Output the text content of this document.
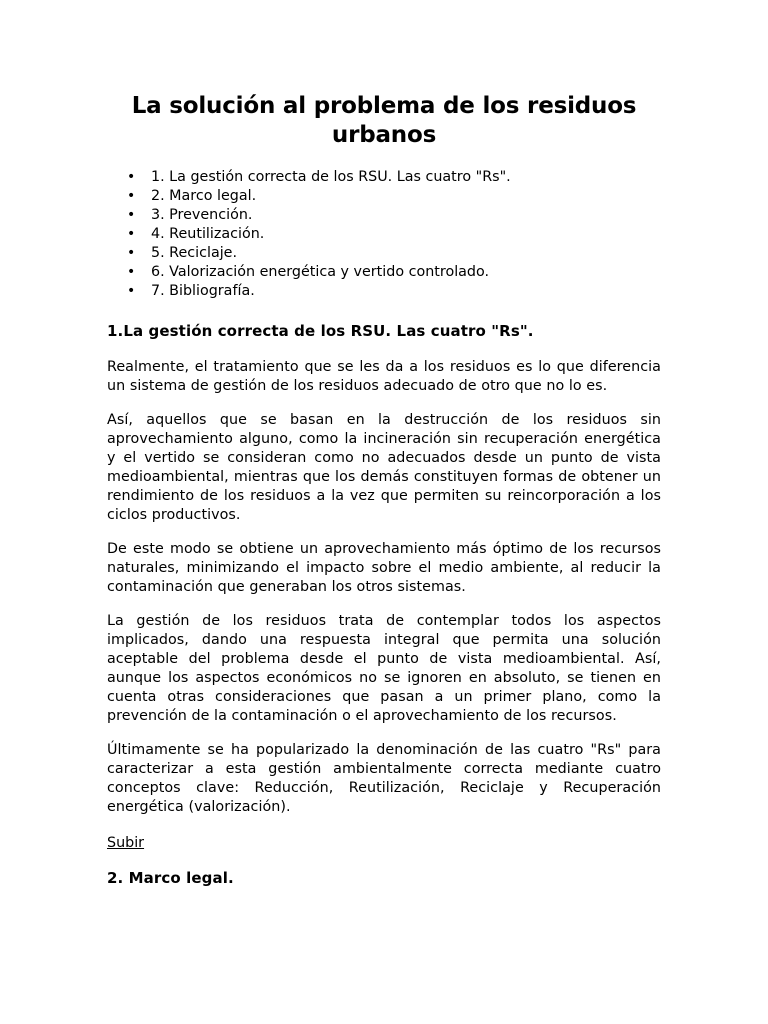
La solución al problema de los residuos urbanos
• 1. La gestión correcta de los RSU. Las cuatro "Rs".
• 2. Marco legal.
• 3. Prevención.
• 4. Reutilización.
• 5. Reciclaje.
• 6. Valorización energética y vertido controlado.
• 7. Bibliografía.
1.La gestión correcta de los RSU. Las cuatro "Rs".

Realmente, el tratamiento que se les da a los residuos es lo que diferencia un sistema de gestión de los residuos adecuado de otro que no lo es.

Así, aquellos que se basan en la destrucción de los residuos sin aprovechamiento alguno, como la incineración sin recuperación energética y el vertido se consideran como no adecuados desde un punto de vista medioambiental, mientras que los demás constituyen formas de obtener un rendimiento de los residuos a la vez que permiten su reincorporación a los ciclos productivos.

De este modo se obtiene un aprovechamiento más óptimo de los recursos naturales, minimizando el impacto sobre el medio ambiente, al reducir la contaminación que generaban los otros sistemas.

La gestión de los residuos trata de contemplar todos los aspectos implicados, dando una respuesta integral que permita una solución aceptable del problema desde el punto de vista medioambiental. Así, aunque los aspectos económicos no se ignoren en absoluto, se tienen en cuenta otras consideraciones que pasan a un primer plano, como la prevención de la contaminación o el aprovechamiento de los recursos.

Últimamente se ha popularizado la denominación de las cuatro "Rs" para caracterizar a esta gestión ambientalmente correcta mediante cuatro conceptos clave: Reducción, Reutilización, Reciclaje y Recuperación energética (valorización).

Subir
2. Marco legal.
